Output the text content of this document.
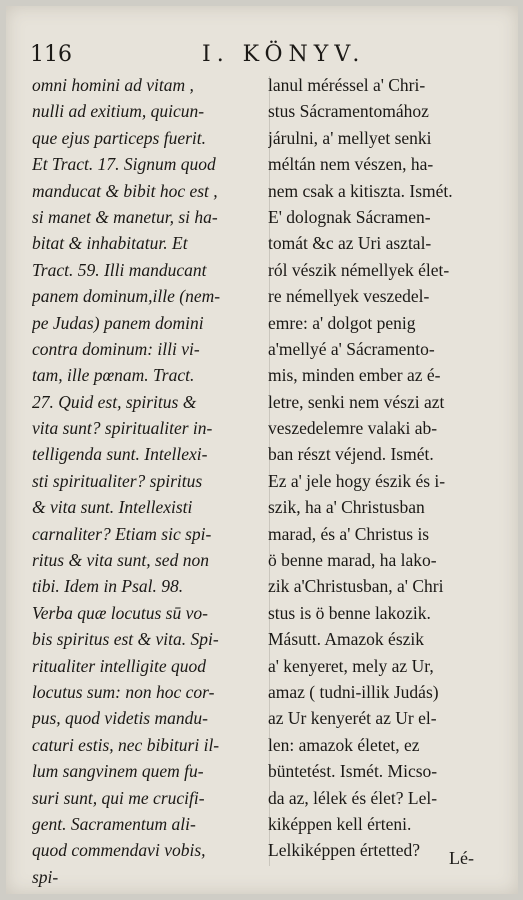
116	I. KÖNYV.
omni homini ad vitam ,
nulli ad exitium, quicun-
que ejus particeps fuerit.
Et Tract. 17. Signum quod
manducat & bibit hoc est ,
si manet & manetur, si ha-
bitat & inhabitatur. Et
Tract. 59. Illi manducant
panem dominum,ille (nem-
pe Judas) panem domini
contra dominum: illi vi-
tam, ille pœnam. Tract.
27. Quid est, spiritus &
vita sunt? spiritualiter in-
telligenda sunt. Intellexi-
sti spiritualiter? spiritus
& vita sunt. Intellexisti
carnaliter? Etiam sic spi-
ritus & vita sunt, sed non
tibi. Idem in Psal. 98.
Verba quæ locutus sū vo-
bis spiritus est & vita. Spi-
ritualiter intelligite quod
locutus sum: non hoc cor-
pus, quod videtis mandu-
caturi estis, nec bibituri il-
lum sangvinem quem fu-
suri sunt, qui me crucifi-
gent. Sacramentum ali-
quod commendavi vobis,
spi-
lanul méréssel a' Chri-
stus Sácramentomához
járulni, a' mellyet senki
méltán nem vészen, ha-
nem csak a kitiszta. Ismét.
E' dolognak Sácramen-
tomát &c az Uri asztal-
ról vészik némellyek élet-
re némellyek veszedel-
emre: a' dolgot penig
a'mellyé a' Sácramento-
mis, minden ember az é-
letre, senki nem vészi azt
veszedelemre valaki ab-
ban részt véjend. Ismét.
Ez a' jele hogy észik és i-
szik, ha a' Christusban
marad, és a' Christus is
ö benne marad, ha lako-
zik a'Christusban, a' Chri
stus is ö benne lakozik.
Másutt. Amazok észik
a' kenyeret, mely az Ur,
amaz ( tudni-illik Judás)
az Ur kenyerét az Ur el-
len: amazok életet, ez
büntetést. Ismét. Micso-
da az, lélek és élet? Lel-
kiképpen kell érteni.
Lelkiképpen értetted?	Lé-
